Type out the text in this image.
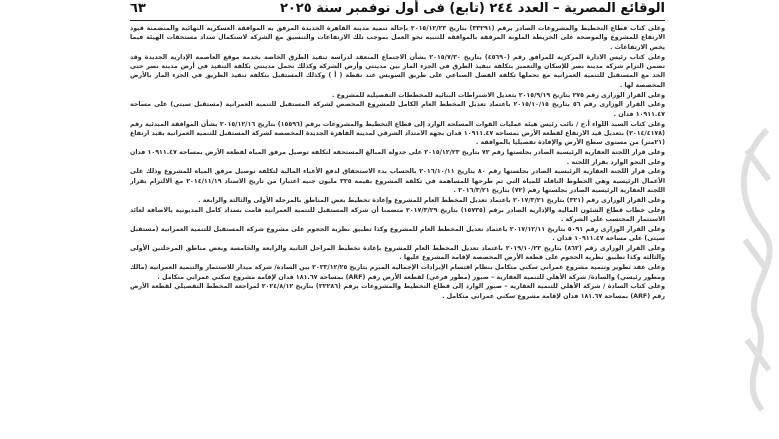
الوقائع المصرية – العدد ٢٤٤ (تابع) فى أول نوفمبر سنة ٢٠٢٥
٦٣

وعلى كتاب قطاع التخطيط والمشروعات الصادر برقم (٣٣٢٩١) بتاريخ ٢٠١٥/١٢/٢٣ بإحالة تنمية مدينة القاهرة الجديدة المرفق به الموافقة العسكرية النهائية والمتضمنة قيود الارتفاع للمشروع والموضحة على الخريطة الملونة المرفقة بالموافقة للتنبيه نحو العمل بموجب تلك الارتفاعات والتنسيق مع الشركة لاستكمال سداد مستحقات الهيئة فيما يخص الارتفاعات .

وعلى كتاب رئيس الادارة المركزية للمرافق رقم (٤٥٦٩٠) بتاريخ ٢٠١٥/٧/٣٠ بشأن الاجتماع المنعقد لدراسة تنفيذ الطرق الخاصة بخدمة موقع العاصمة الإدارية الجديدة وقد تضمن التزام شركة مدينة نصر للإسكان والتعمير بتكلفة تنفيذ الطرق في الجزء المار بين مدينتي وأرض الشركة وكذلك تحمل مدينتي تكلفة التنفيذ في أرض مدينة نصر حتى الحد مع المستقبل للتنمية العمرانية مع تحملها تكلفة الفصل الصناعي على طريق السويس عند نقطة ( أ ) وكذلك المستقبل بتكلفة تنفيذ الطريق في الجزء المار بالأرض المخصصة لها .

وعلى القرار الوزارى رقم ٢٧٥ بتاريخ ٢٠١٥/٩/١٩ بتعديل الاشتراطات البنائية للمخططات التفصيلية للمشروع .

وعلى القرار الوزارى رقم ٥٦ بتاريخ ٢٠١٥/١٠/١٥ باعتماد تعديل المخطط العام الكامل للمشروع المخصص لشركة المستقبل للتنمية العمرانية (مستقبل سيتى) على مساحة ١٠٩١١.٤٧ فدان .

وعلى كتاب السيد اللواء أ.ح / نائب رئيس هيئة عمليات القوات المسلحة الوارد إلى قطاع التخطيط والمشروعات برقم (١٥٥٩٦) بتاريخ ٢٠١٥/١٢/١٦ بشأن الموافقة المبدئية رقم (٢٠١٤/٤١٧٨) بتعديل قيد الارتفاع لقطعة الأرض بمساحة ١٠٩١١.٤٧ فدان بجهة الامتداد الشرقي لمدينة القاهرة الجديدة المخصصة لشركة المستقبل للتنمية العمرانية بقيد ارتفاع (٢١متر) من مستوى سطح الأرض والإفادة تفصيليا بالموافقة .

وعلى قرار اللجنة العقارية الرئيسية الصادر بجلستها رقم ٧٢ بتاريخ ٢٠١٥/١٢/٢٣ على جدولة المبالغ المستحقة لتكلفة توصيل مرفق المياه لقطعة الأرض بمساحة ١٠٩١١.٤٧ فدان وعلى النحو الوارد بقرار اللجنة .

وعلى قرار اللجنة العقارية الرئيسية الصادر بجلستها رقم ٨٠ بتاريخ ٢٠١٦/١٠/١١ بالحساب بدء الاستحقاق لدفع الأعباء المالية لتكلفة توصيل مرفق المياه للمشروع وذلك على الأعمال الرئيسية وهي الخطوط الناقلة للمياه التي تم طرحها للمساهمة في تكلفة المشروع بقيمة ٣٢٥ مليون جنيه اعتبارا من تاريخ الاسناد ٢٠١٤/١١/١٩ مع الالتزام بقرار اللجنة العقارية الرئيسية الصادر بجلستها رقم (٧٢) بتاريخ ٢٠١٦/٣/٢١ .

وعلى القرار الوزارى رقم (٣٢١) بتاريخ ٢٠١٧/٣/٢١ باعتماد تعديل المخطط العام للمشروع وإعادة تخطيط بعض المناطق بالمرحلة الأولى والثالثة والرابعة .

وعلى خطاب قطاع الشئون المالية والإدارية الصادر برقم (١٥٧٣٥) بتاريخ ٢٠١٧/٣/٢٩ متضمنا أن شركة المستقبل للتنمية العمرانية قامت بسداد كامل المديونية بالاضافة لعائد الاستثمار المحتسب على الشركة .

وعلى القرار الوزارى رقم ٥٠٩١ بتاريخ ٢٠١٧/١٢/١١ باعتماد تعديل المخطط العام للمشروع وكذا تطبيق نظرية الحجوم على مشروع شركة المستقبل للتنمية العمرانية (مستقبل سيتى) على مساحة ١٠٩١١.٤٧ فدان .

وعلى القرار الوزارى رقم (٨٦٢) بتاريخ ٢٠١٩/١٠/٢٣ باعتماد تعديل المخطط العام للمشروع بإعادة تخطيط المراحل الثانية والرابعة والخامسة وبعض مناطق المرحلتين الأولى والثالثة وكذا تطبيق نظرية الحجوم على قطعة الأرض المخصصة لإقامة المشروع عليها .

وعلى عقد تطوير وتنمية مشروع عمراني سكني متكامل بنظام اقتسام الإيرادات الإجمالية المبرم بتاريخ ٢٠٢٣/١٢/٢٥ بين السادة/ شركة ميدار للاستثمار والتنمية العمرانية (مالك ومطور رئيسي) والسادة/ شركة الأهلي للتنمية العقارية – صبور (مطور فرعي) لقطعة الأرض رقم (ARF) بمساحة ١٨١.٦٧ فدان لإقامة مشروع سكني عمراني متكامل .

وعلى كتاب السادة / شركة الأهلي للتنمية العقارية – صبور الوارد إلى قطاع التخطيط والمشروعات برقم (٢٢٢٨٦) بتاريخ ٢٠٢٤/٨/١٢ لمراجعة المخطط التفصيلي لقطعة الأرض رقم (ARF) بمساحة ١٨١.٦٧ فدان لإقامة مشروع سكني عمراني متكامل .
